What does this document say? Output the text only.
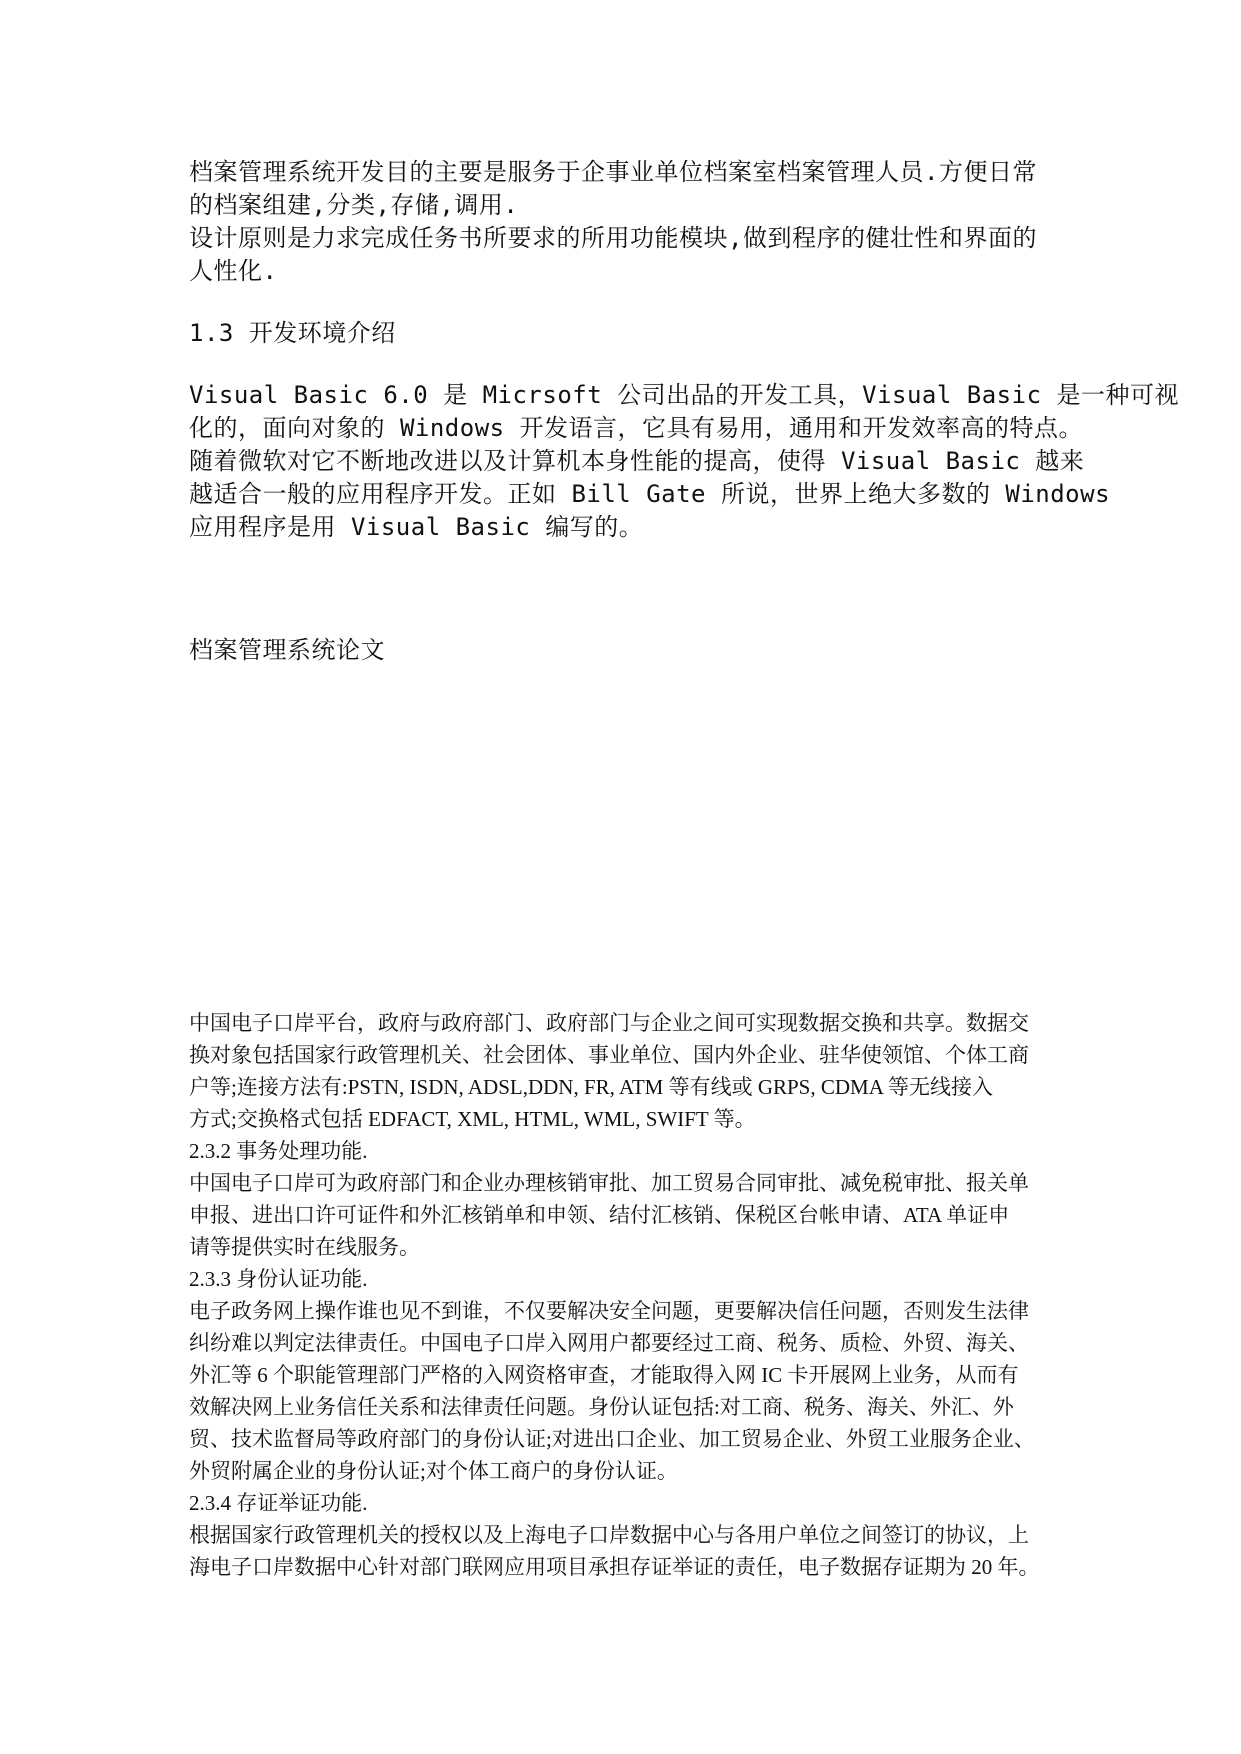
档案管理系统开发目的主要是服务于企事业单位档案室档案管理人员.方便日常

的档案组建,分类,存储,调用.

设计原则是力求完成任务书所要求的所用功能模块,做到程序的健壮性和界面的

人性化.

1.3 开发环境介绍

Visual Basic 6.0 是 Micrsoft 公司出品的开发工具，Visual Basic 是一种可视

化的，面向对象的 Windows 开发语言，它具有易用，通用和开发效率高的特点。

随着微软对它不断地改进以及计算机本身性能的提高，使得 Visual Basic 越来

越适合一般的应用程序开发。正如 Bill Gate 所说，世界上绝大多数的 Windows

应用程序是用 Visual Basic 编写的。

档案管理系统论文

中国电子口岸平台，政府与政府部门、政府部门与企业之间可实现数据交换和共享。数据交

换对象包括国家行政管理机关、社会团体、事业单位、国内外企业、驻华使领馆、个体工商

户等;连接方法有:PSTN, ISDN, ADSL,DDN, FR, ATM 等有线或 GRPS, CDMA 等无线接入

方式;交换格式包括 EDFACT, XML, HTML, WML, SWIFT 等。

2.3.2 事务处理功能.

中国电子口岸可为政府部门和企业办理核销审批、加工贸易合同审批、减免税审批、报关单

申报、进出口许可证件和外汇核销单和申领、结付汇核销、保税区台帐申请、ATA 单证申

请等提供实时在线服务。

2.3.3 身份认证功能.

电子政务网上操作谁也见不到谁，不仅要解决安全问题，更要解决信任问题，否则发生法律

纠纷难以判定法律责任。中国电子口岸入网用户都要经过工商、税务、质检、外贸、海关、

外汇等 6 个职能管理部门严格的入网资格审查，才能取得入网 IC 卡开展网上业务，从而有

效解决网上业务信任关系和法律责任问题。身份认证包括:对工商、税务、海关、外汇、外

贸、技术监督局等政府部门的身份认证;对进出口企业、加工贸易企业、外贸工业服务企业、

外贸附属企业的身份认证;对个体工商户的身份认证。

2.3.4 存证举证功能.

根据国家行政管理机关的授权以及上海电子口岸数据中心与各用户单位之间签订的协议，上

海电子口岸数据中心针对部门联网应用项目承担存证举证的责任，电子数据存证期为 20 年。
